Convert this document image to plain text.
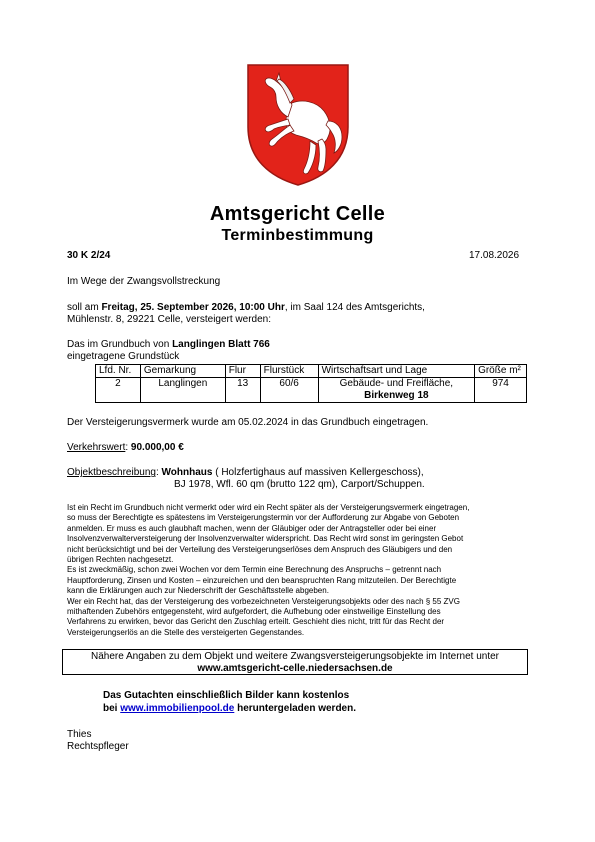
Amtsgericht Celle
Terminbestimmung
30 K 2/24	17.08.2026
Im Wege der Zwangsvollstreckung
soll am Freitag, 25. September 2026, 10:00 Uhr, im Saal 124 des Amtsgerichts,
Mühlenstr. 8, 29221 Celle, versteigert werden:
Das im Grundbuch von Langlingen Blatt 766
eingetragene Grundstück
Lfd. Nr.	Gemarkung	Flur	Flurstück	Wirtschaftsart und Lage	Größe m²
2	Langlingen	13	60/6	Gebäude- und Freifläche,
Birkenweg 18	974
Der Versteigerungsvermerk wurde am 05.02.2024 in das Grundbuch eingetragen.
Verkehrswert: 90.000,00 €
Objektbeschreibung: Wohnhaus ( Holzfertighaus auf massiven Kellergeschoss),
BJ 1978, Wfl. 60 qm (brutto 122 qm), Carport/Schuppen.
Ist ein Recht im Grundbuch nicht vermerkt oder wird ein Recht später als der Versteigerungsvermerk eingetragen,
so muss der Berechtigte es spätestens im Versteigerungstermin vor der Aufforderung zur Abgabe von Geboten
anmelden. Er muss es auch glaubhaft machen, wenn der Gläubiger oder der Antragsteller oder bei einer
Insolvenzverwalterversteigerung der Insolvenzverwalter widerspricht. Das Recht wird sonst im geringsten Gebot
nicht berücksichtigt und bei der Verteilung des Versteigerungserlöses dem Anspruch des Gläubigers und den
übrigen Rechten nachgesetzt.
Es ist zweckmäßig, schon zwei Wochen vor dem Termin eine Berechnung des Anspruchs – getrennt nach
Hauptforderung, Zinsen und Kosten – einzureichen und den beanspruchten Rang mitzuteilen. Der Berechtigte
kann die Erklärungen auch zur Niederschrift der Geschäftsstelle abgeben.
Wer ein Recht hat, das der Versteigerung des vorbezeichneten Versteigerungsobjekts oder des nach § 55 ZVG
mithaftenden Zubehörs entgegensteht, wird aufgefordert, die Aufhebung oder einstweilige Einstellung des
Verfahrens zu erwirken, bevor das Gericht den Zuschlag erteilt. Geschieht dies nicht, tritt für das Recht der
Versteigerungserlös an die Stelle des versteigerten Gegenstandes.
Nähere Angaben zu dem Objekt und weitere Zwangsversteigerungsobjekte im Internet unter
www.amtsgericht-celle.niedersachsen.de
Das Gutachten einschließlich Bilder kann kostenlos
bei www.immobilienpool.de heruntergeladen werden.
Thies
Rechtspfleger
